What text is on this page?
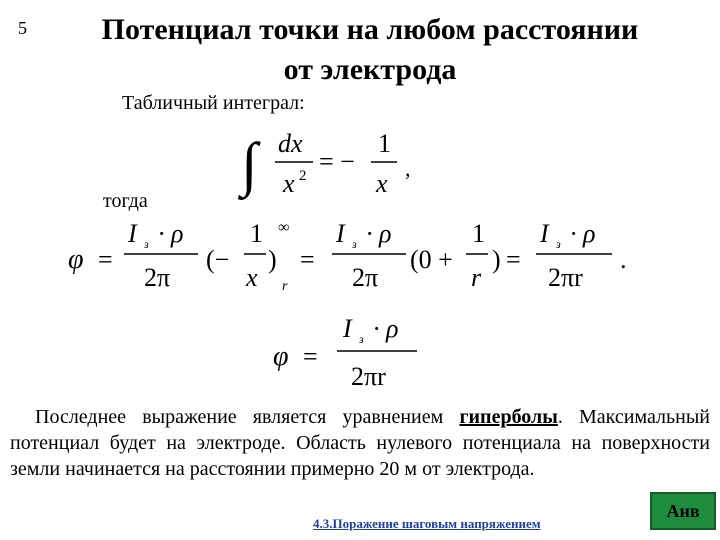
5	Потенциал точки на любом расстоянии
от электрода
Табличный интеграл:
∫ dx
x 2 = −
1
x
,
тогда
φ =
I з · ρ
2π
(−
1
x
)
∞
r
=
I з · ρ
2π
(0 +
1
r
) =
I з · ρ
2πr
.
φ =
I з · ρ
2πr
Последнее выражение является уравнением гиперболы. Максимальный потенциал будет на электроде. Область нулевого потенциала на поверхности земли начинается на расстоянии примерно 20 м от электрода.
4.3.Поражение шаговым напряжением
Анв
